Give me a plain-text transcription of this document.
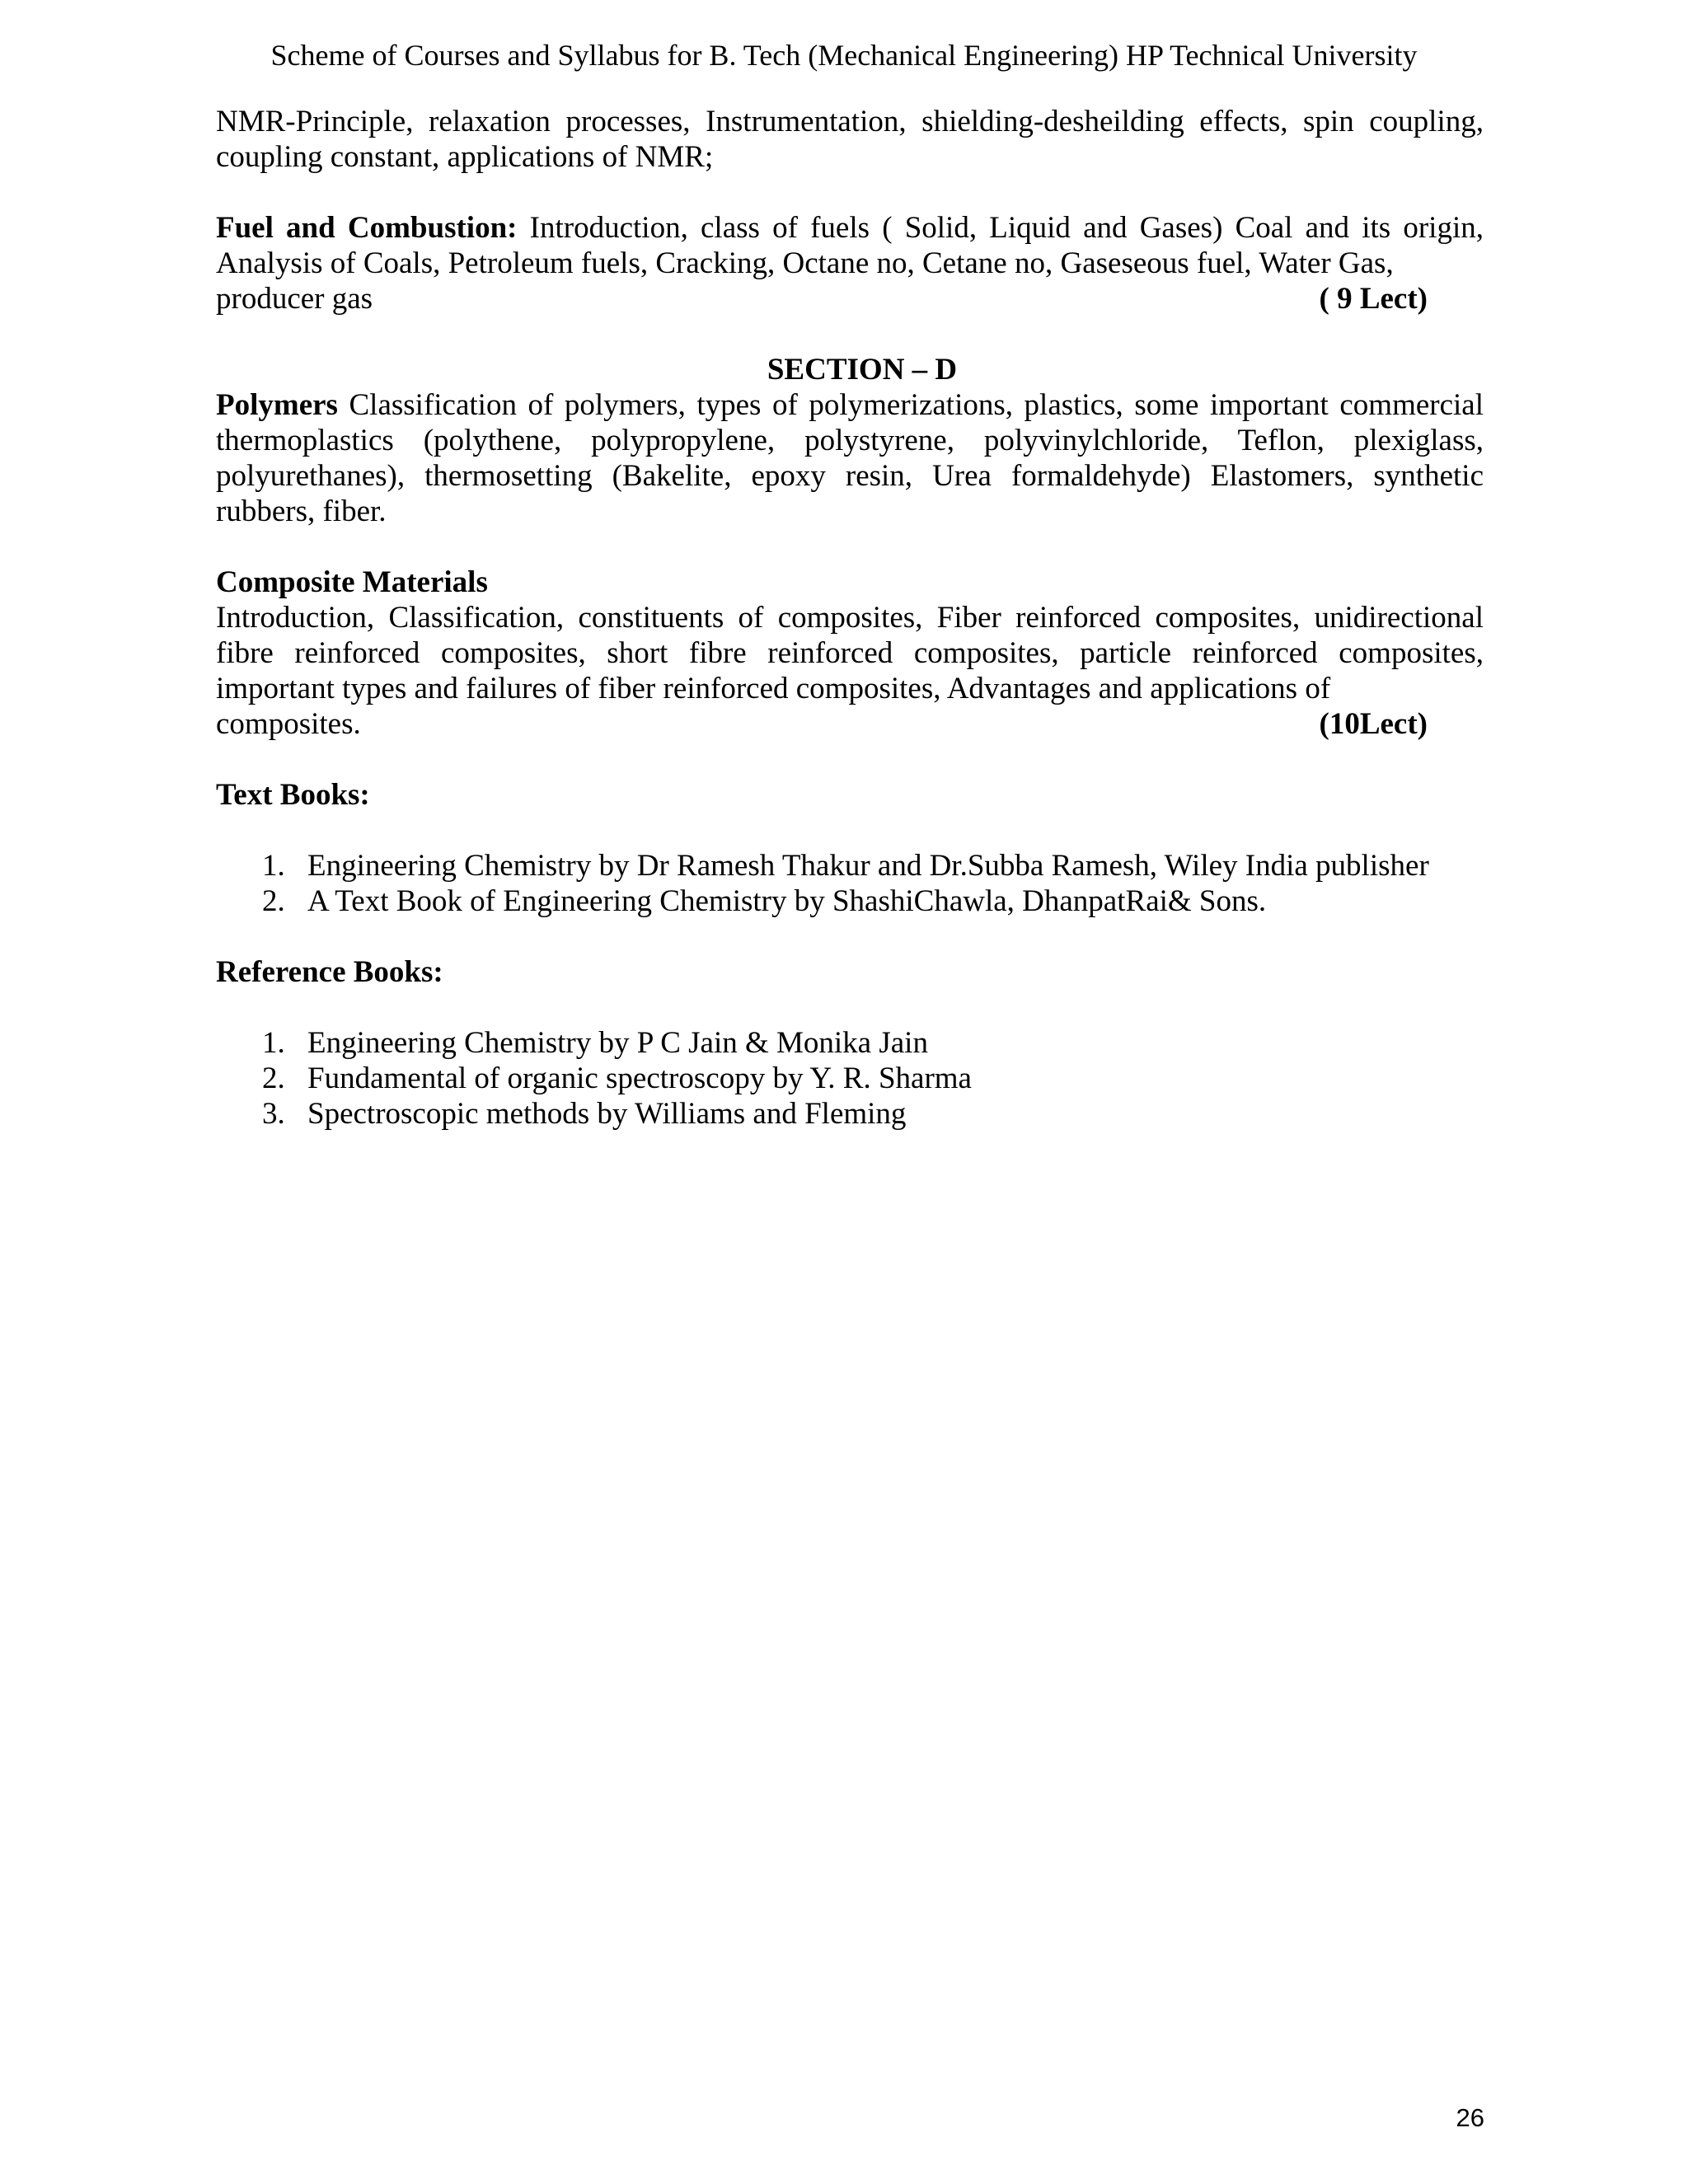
Scheme of Courses and Syllabus for B. Tech (Mechanical Engineering) HP Technical University

NMR-Principle, relaxation processes, Instrumentation, shielding-desheilding effects, spin coupling, coupling constant, applications of NMR;

Fuel and Combustion: Introduction, class of fuels ( Solid, Liquid and Gases) Coal and its origin, Analysis of Coals, Petroleum fuels, Cracking, Octane no, Cetane no, Gaseseous fuel, Water Gas,

producer gas	( 9 Lect)

SECTION – D

Polymers Classification of polymers, types of polymerizations, plastics, some important commercial thermoplastics (polythene, polypropylene, polystyrene, polyvinylchloride, Teflon, plexiglass, polyurethanes), thermosetting (Bakelite, epoxy resin, Urea formaldehyde) Elastomers, synthetic rubbers, fiber.

Composite Materials

Introduction, Classification, constituents of composites, Fiber reinforced composites, unidirectional fibre reinforced composites, short fibre reinforced composites, particle reinforced composites, important types and failures of fiber reinforced composites, Advantages and applications of

composites.	(10Lect)

Text Books:

1. Engineering Chemistry by Dr Ramesh Thakur and Dr.Subba Ramesh, Wiley India publisher
2. A Text Book of Engineering Chemistry by ShashiChawla, DhanpatRai& Sons.

Reference Books:

1. Engineering Chemistry by P C Jain & Monika Jain
2. Fundamental of organic spectroscopy by Y. R. Sharma
3. Spectroscopic methods by Williams and Fleming
26
